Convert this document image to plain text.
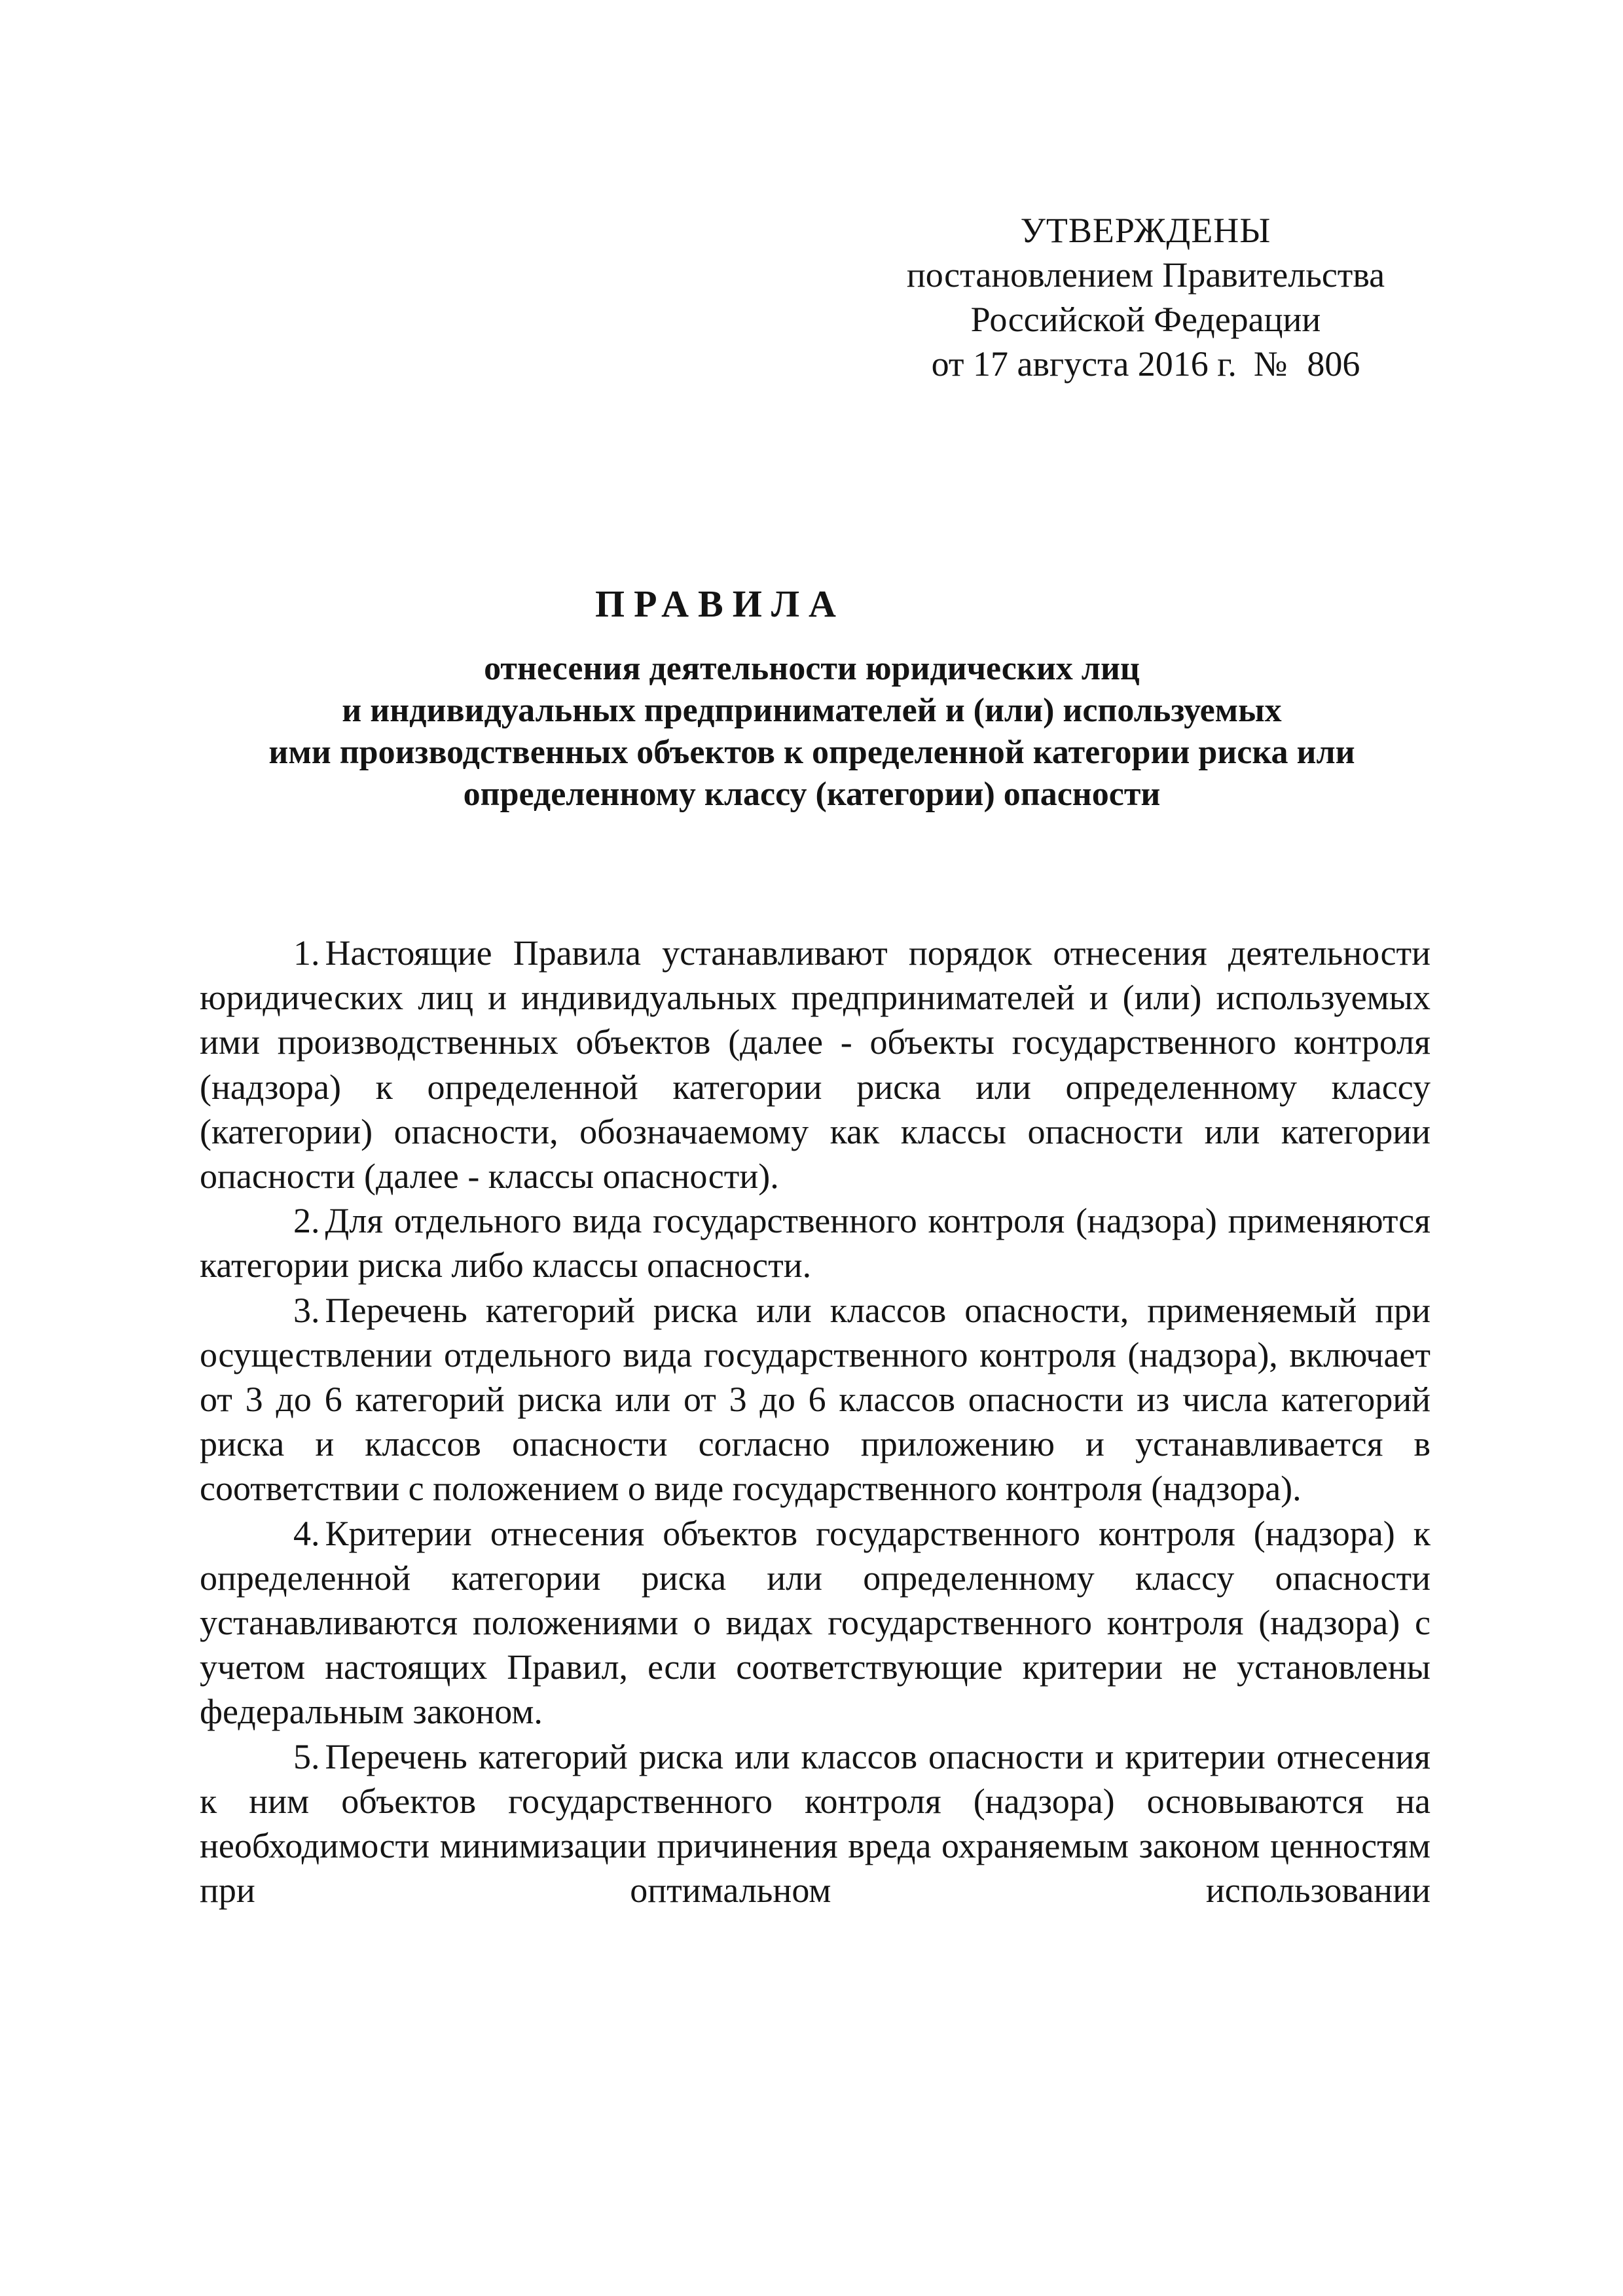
УТВЕРЖДЕНЫ
постановлением Правительства
Российской Федерации
от 17 августа 2016 г. № 806
ПРАВИЛА
отнесения деятельности юридических лиц
и индивидуальных предпринимателей и (или) используемых
ими производственных объектов к определенной категории риска или
определенному классу (категории) опасности

1. Настоящие Правила устанавливают порядок отнесения деятельности юридических лиц и индивидуальных предпринимателей и (или) используемых ими производственных объектов (далее - объекты государственного контроля (надзора) к определенной категории риска или определенному классу (категории) опасности, обозначаемому как классы опасности или категории опасности (далее - классы опасности).

2. Для отдельного вида государственного контроля (надзора) применяются категории риска либо классы опасности.

3. Перечень категорий риска или классов опасности, применяемый при осуществлении отдельного вида государственного контроля (надзора), включает от 3 до 6 категорий риска или от 3 до 6 классов опасности из числа категорий риска и классов опасности согласно приложению и устанавливается в соответствии с положением о виде государственного контроля (надзора).

4. Критерии отнесения объектов государственного контроля (надзора) к определенной категории риска или определенному классу опасности устанавливаются положениями о видах государственного контроля (надзора) с учетом настоящих Правил, если соответствующие критерии не установлены федеральным законом.

5. Перечень категорий риска или классов опасности и критерии отнесения к ним объектов государственного контроля (надзора) основываются на необходимости минимизации причинения вреда охраняемым законом ценностям при оптимальном использовании
